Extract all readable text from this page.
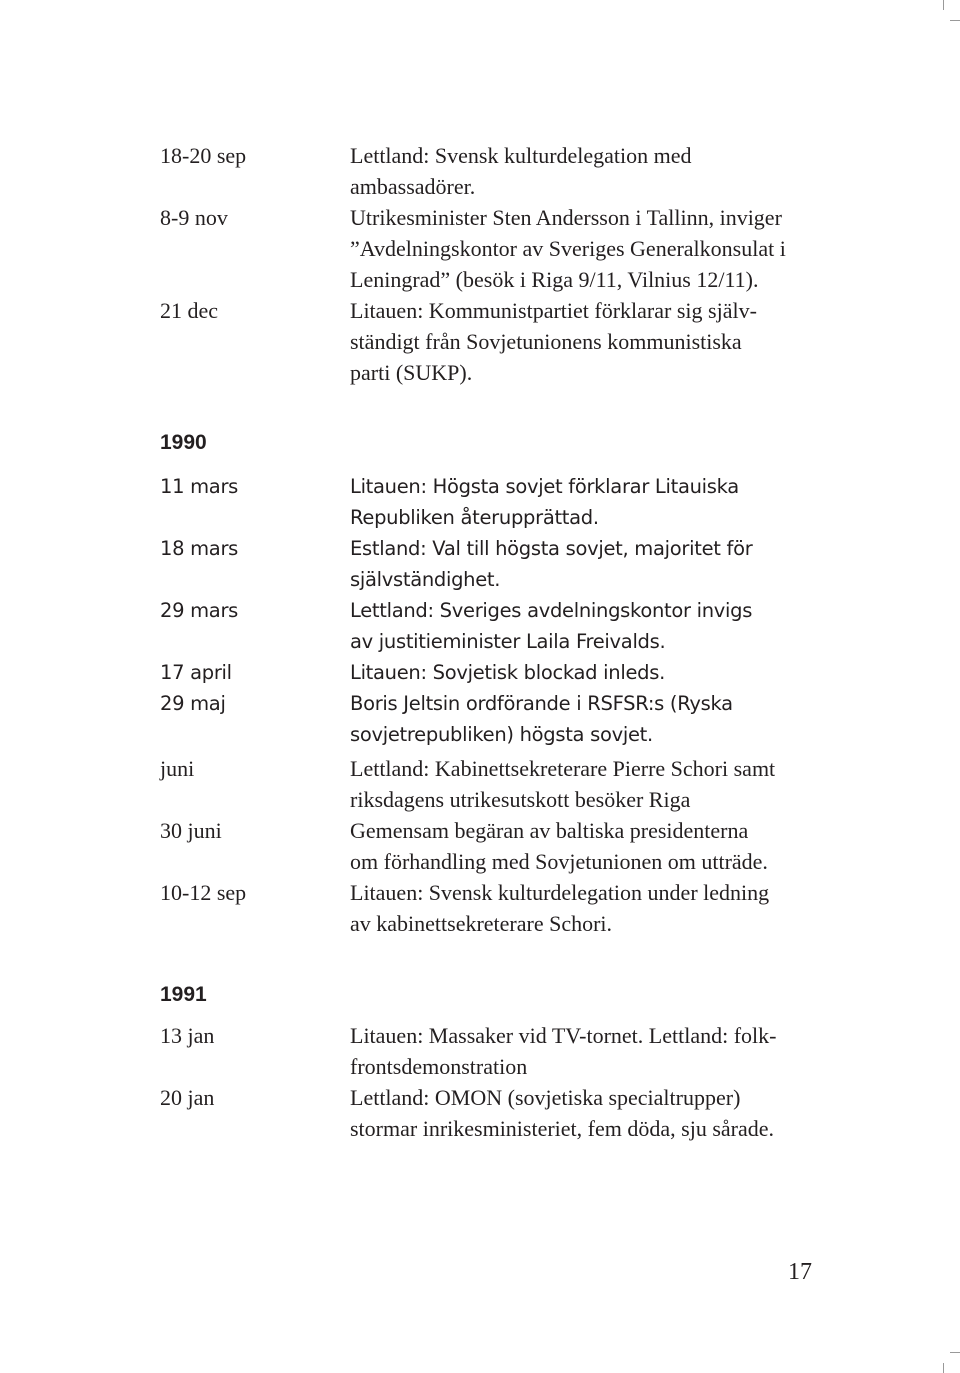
18-20 sep	Lettland: Svensk kulturdelegation med
ambassadörer.
8-9 nov	Utrikesminister Sten Andersson i Tallinn, inviger
”Avdelningskontor av Sveriges Generalkonsulat i
Leningrad” (besök i Riga 9/11, Vilnius 12/11).
21 dec	Litauen: Kommunistpartiet förklarar sig själv-
ständigt från Sovjetunionens kommunistiska
parti (SUKP).
1990
11 mars	Litauen: Högsta sovjet förklarar Litauiska
Republiken återupprättad.
18 mars	Estland: Val till högsta sovjet, majoritet för
självständighet.
29 mars	Lettland: Sveriges avdelningskontor invigs
av justitieminister Laila Freivalds.
17 april	Litauen: Sovjetisk blockad inleds.
29 maj	Boris Jeltsin ordförande i RSFSR:s (Ryska
sovjetrepubliken) högsta sovjet.
juni	Lettland: Kabinettsekreterare Pierre Schori samt
riksdagens utrikesutskott besöker Riga
30 juni	Gemensam begäran av baltiska presidenterna
om förhandling med Sovjetunionen om utträde.
10-12 sep	Litauen: Svensk kulturdelegation under ledning
av kabinettsekreterare Schori.
1991
13 jan	Litauen: Massaker vid TV-tornet. Lettland: folk-
frontsdemonstration
20 jan	Lettland: OMON (sovjetiska specialtrupper)
stormar inrikesministeriet, fem döda, sju sårade.
17
